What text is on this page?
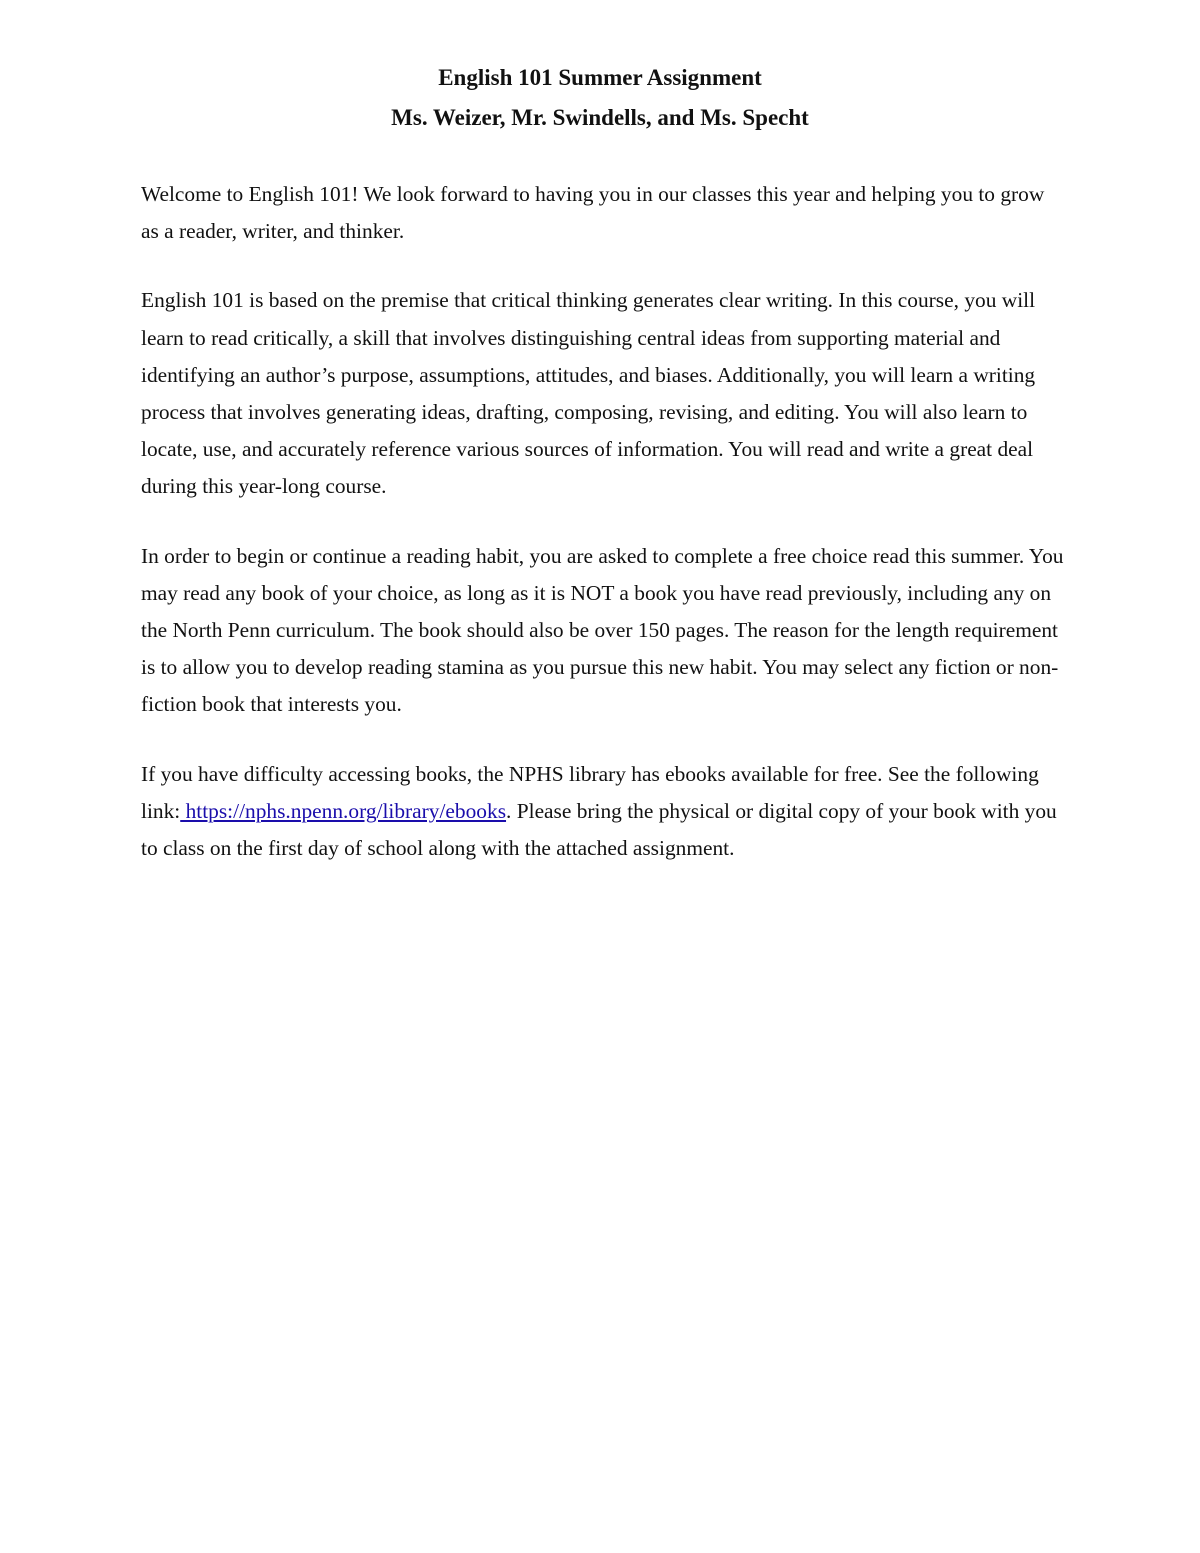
English 101 Summer Assignment
Ms. Weizer, Mr. Swindells, and Ms. Specht

Welcome to English 101! We look forward to having you in our classes this year and helping you to grow as a reader, writer, and thinker.

English 101 is based on the premise that critical thinking generates clear writing. In this course, you will learn to read critically, a skill that involves distinguishing central ideas from supporting material and identifying an author’s purpose, assumptions, attitudes, and biases. Additionally, you will learn a writing process that involves generating ideas, drafting, composing, revising, and editing. You will also learn to locate, use, and accurately reference various sources of information. You will read and write a great deal during this year-long course.

In order to begin or continue a reading habit, you are asked to complete a free choice read this summer. You may read any book of your choice, as long as it is NOT a book you have read previously, including any on the North Penn curriculum. The book should also be over 150 pages. The reason for the length requirement is to allow you to develop reading stamina as you pursue this new habit. You may select any fiction or non-fiction book that interests you.

If you have difficulty accessing books, the NPHS library has ebooks available for free. See the following link: https://nphs.npenn.org/library/ebooks. Please bring the physical or digital copy of your book with you to class on the first day of school along with the attached assignment.
